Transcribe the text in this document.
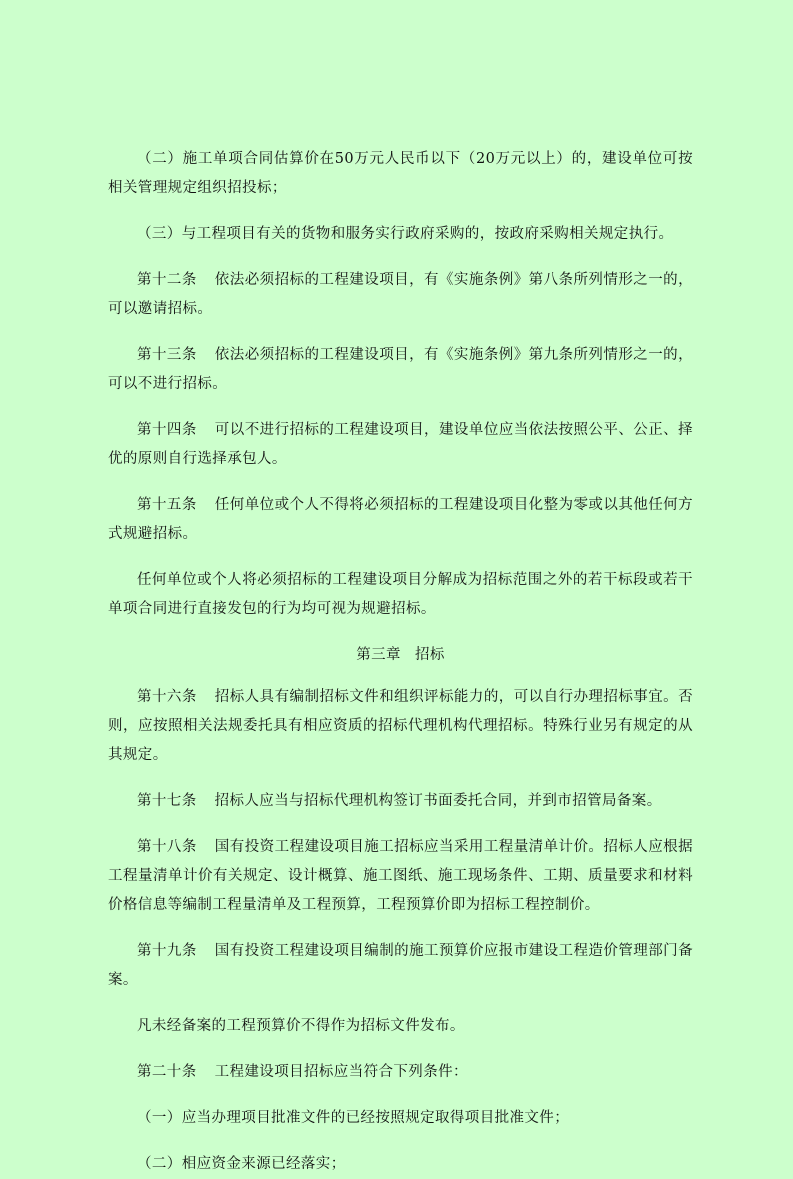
（二）施工单项合同估算价在50万元人民币以下（20万元以上）的，建设单位可按相关管理规定组织招投标；

（三）与工程项目有关的货物和服务实行政府采购的，按政府采购相关规定执行。

第十二条 依法必须招标的工程建设项目，有《实施条例》第八条所列情形之一的，可以邀请招标。

第十三条 依法必须招标的工程建设项目，有《实施条例》第九条所列情形之一的，可以不进行招标。

第十四条 可以不进行招标的工程建设项目，建设单位应当依法按照公平、公正、择优的原则自行选择承包人。

第十五条 任何单位或个人不得将必须招标的工程建设项目化整为零或以其他任何方式规避招标。

任何单位或个人将必须招标的工程建设项目分解成为招标范围之外的若干标段或若干单项合同进行直接发包的行为均可视为规避招标。

第三章 招标

第十六条 招标人具有编制招标文件和组织评标能力的，可以自行办理招标事宜。否则，应按照相关法规委托具有相应资质的招标代理机构代理招标。特殊行业另有规定的从其规定。

第十七条 招标人应当与招标代理机构签订书面委托合同，并到市招管局备案。

第十八条 国有投资工程建设项目施工招标应当采用工程量清单计价。招标人应根据工程量清单计价有关规定、设计概算、施工图纸、施工现场条件、工期、质量要求和材料价格信息等编制工程量清单及工程预算，工程预算价即为招标工程控制价。

第十九条 国有投资工程建设项目编制的施工预算价应报市建设工程造价管理部门备案。

凡未经备案的工程预算价不得作为招标文件发布。

第二十条 工程建设项目招标应当符合下列条件：

（一）应当办理项目批准文件的已经按照规定取得项目批准文件；

（二）相应资金来源已经落实；
